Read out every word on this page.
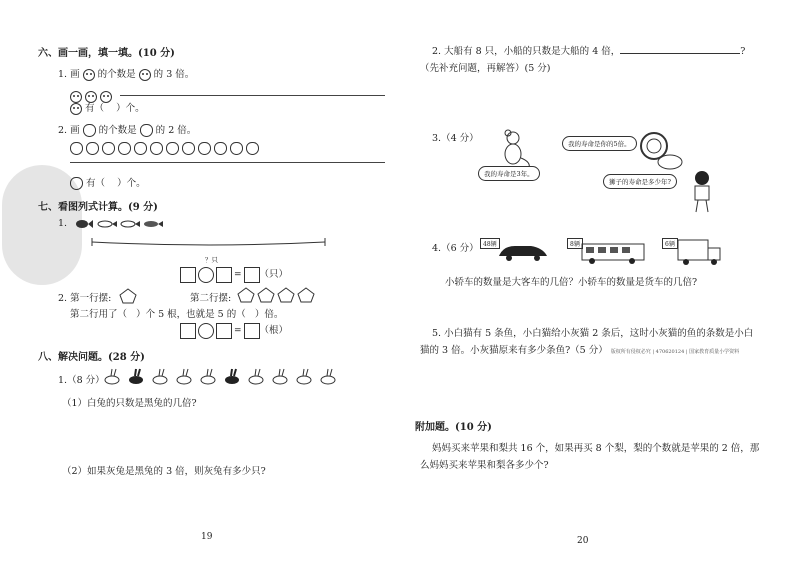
六、画一画，填一填。(10 分)
1. 画 的个数是 的 3 倍。
有（ ）个。
2. 画 的个数是 的 2 倍。
有（ ）个。
七、看图列式计算。(9 分)
1.
？只
= （只）
2. 第一行摆:	第二行摆:
第二行用了（ ）个 5 根，也就是 5 的（ ）倍。
= （根）
八、解决问题。(28 分)
1.（8 分）
（1）白兔的只数是黑兔的几倍?
（2）如果灰兔是黑兔的 3 倍，则灰兔有多少只?
19
2. 大船有 8 只，小船的只数是大船的 4 倍，	?
（先补充问题，再解答）(5 分)
3.（4 分）
我的寿命是3年。
我的寿命是你的5倍。
狮子的寿命是多少年?
4.（6 分） 48辆	8辆	6辆
小轿车的数量是大客车的几倍？小轿车的数量是货车的几倍?
5. 小白猫有 5 条鱼，小白猫给小灰猫 2 条后，这时小灰猫的鱼的条数是小白
猫的 3 倍。小灰猫原来有多少条鱼?（5 分） 版权所有侵权必究 | 470620124 | 国家教育质量小学资料
附加题。(10 分)
妈妈买来苹果和梨共 16 个，如果再买 8 个梨，梨的个数就是苹果的 2 倍，那
么妈妈买来苹果和梨各多少个?
20
